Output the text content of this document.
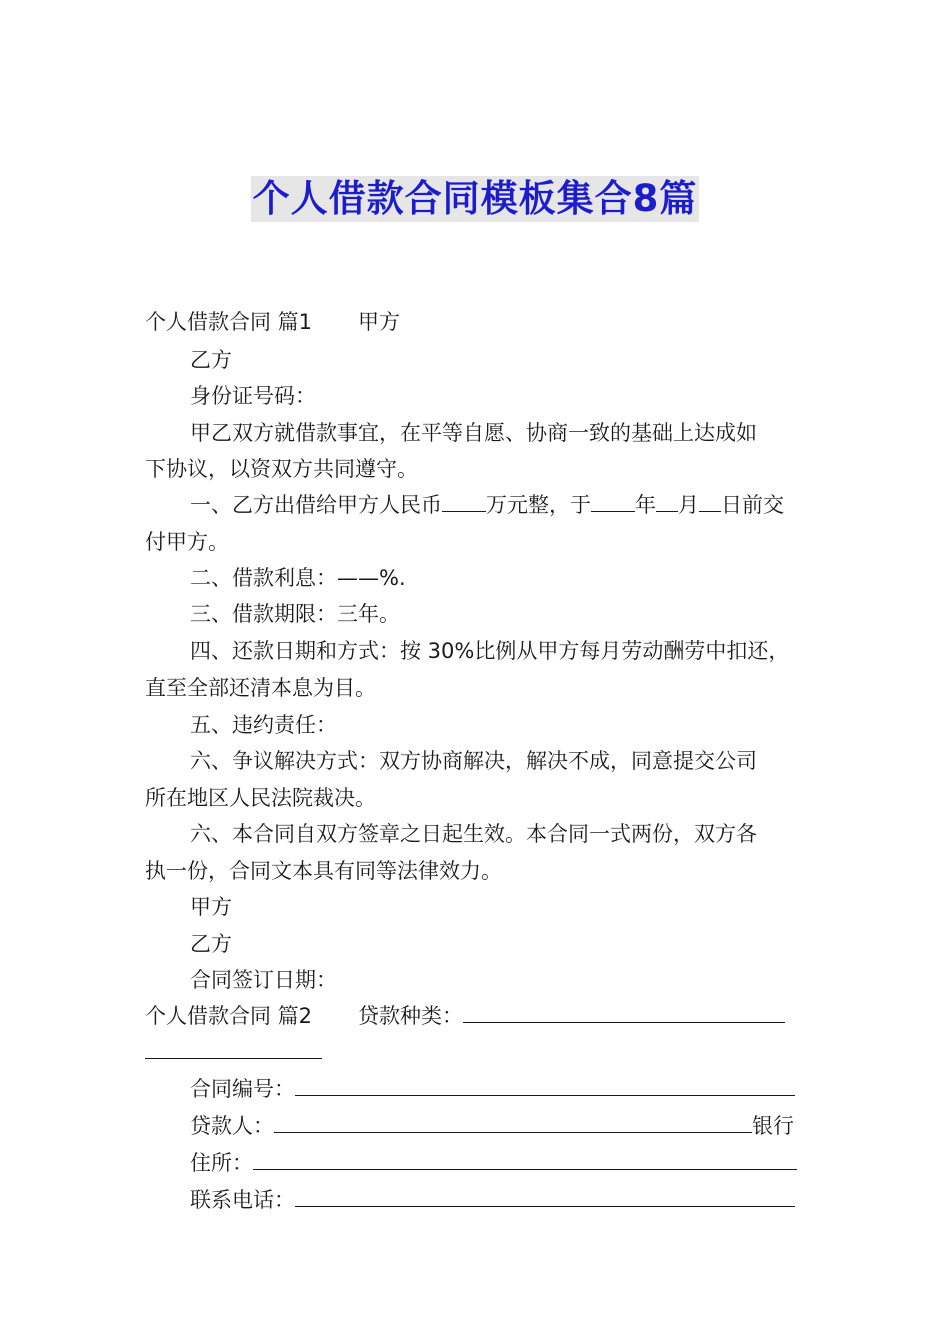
个人借款合同模板集合8篇
个人借款合同 篇1 甲方
乙方
身份证号码：
甲乙双方就借款事宜，在平等自愿、协商一致的基础上达成如
下协议，以资双方共同遵守。
一、乙方出借给甲方人民币 万元整，于 年 月 日前交
付甲方。
二、借款利息：——%.
三、借款期限：三年。
四、还款日期和方式：按 30%比例从甲方每月劳动酬劳中扣还，
直至全部还清本息为目。
五、违约责任：
六、争议解决方式：双方协商解决，解决不成，同意提交公司
所在地区人民法院裁决。
六、本合同自双方签章之日起生效。本合同一式两份，双方各
执一份，合同文本具有同等法律效力。
甲方
乙方
合同签订日期：
个人借款合同 篇2 贷款种类：
合同编号：
贷款人：	银行
住所：
联系电话：
